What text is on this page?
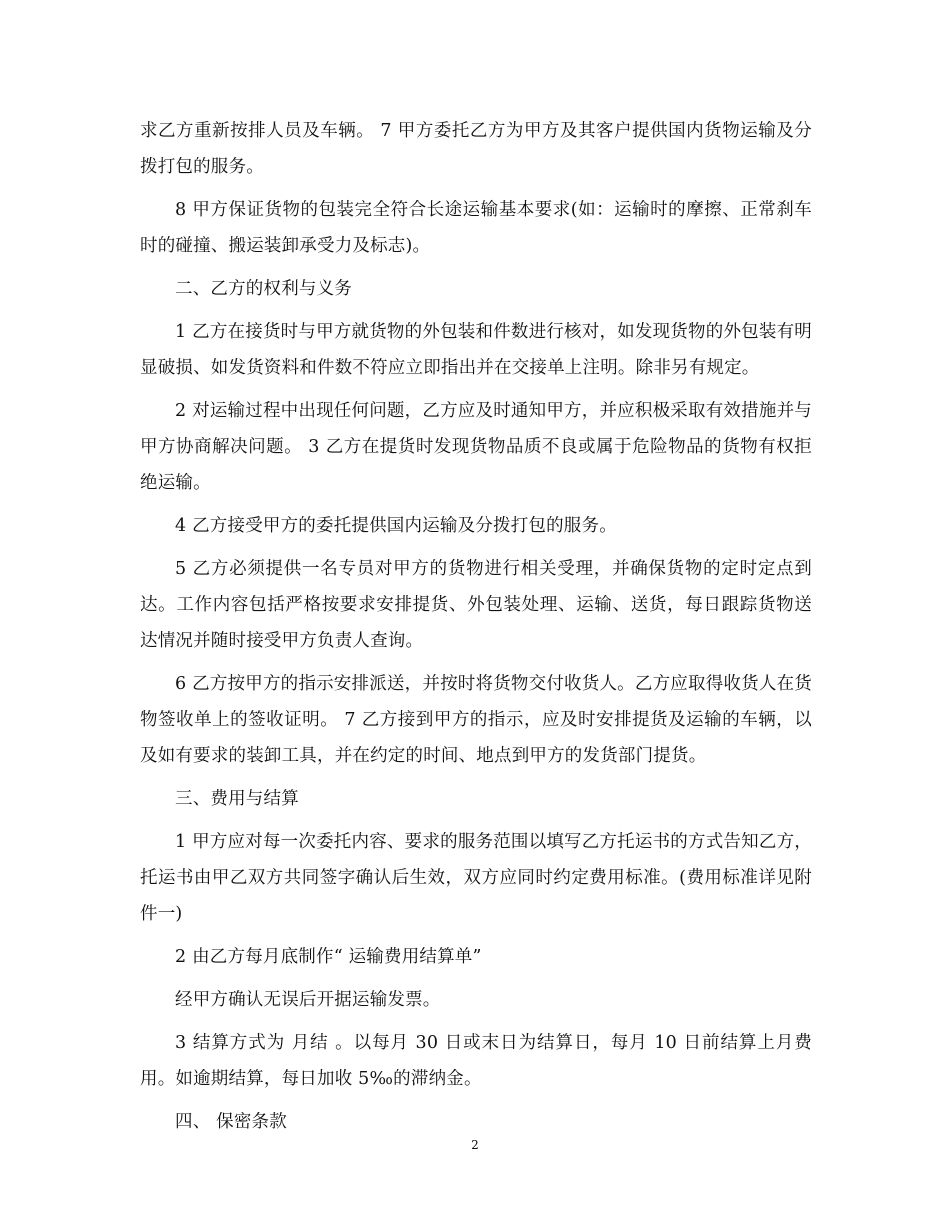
求乙方重新按排人员及车辆。 7 甲方委托乙方为甲方及其客户提供国内货物运输及分拨打包的服务。

8 甲方保证货物的包装完全符合长途运输基本要求(如：运输时的摩擦、正常刹车时的碰撞、搬运装卸承受力及标志)。

二、乙方的权利与义务

1 乙方在接货时与甲方就货物的外包装和件数进行核对，如发现货物的外包装有明显破损、如发货资料和件数不符应立即指出并在交接单上注明。除非另有规定。

2 对运输过程中出现任何问题，乙方应及时通知甲方，并应积极采取有效措施并与甲方协商解决问题。 3 乙方在提货时发现货物品质不良或属于危险物品的货物有权拒绝运输。

4 乙方接受甲方的委托提供国内运输及分拨打包的服务。

5 乙方必须提供一名专员对甲方的货物进行相关受理，并确保货物的定时定点到达。工作内容包括严格按要求安排提货、外包装处理、运输、送货，每日跟踪货物送达情况并随时接受甲方负责人查询。

6 乙方按甲方的指示安排派送，并按时将货物交付收货人。乙方应取得收货人在货物签收单上的签收证明。 7 乙方接到甲方的指示，应及时安排提货及运输的车辆，以及如有要求的装卸工具，并在约定的时间、地点到甲方的发货部门提货。

三、费用与结算

1 甲方应对每一次委托内容、要求的服务范围以填写乙方托运书的方式告知乙方，托运书由甲乙双方共同签字确认后生效，双方应同时约定费用标准。(费用标准详见附件一)

2 由乙方每月底制作“ 运输费用结算单”

经甲方确认无误后开据运输发票。

3 结算方式为 月结 。以每月 30 日或末日为结算日，每月 10 日前结算上月费用。如逾期结算，每日加收 5‰的滞纳金。

四、 保密条款

2
